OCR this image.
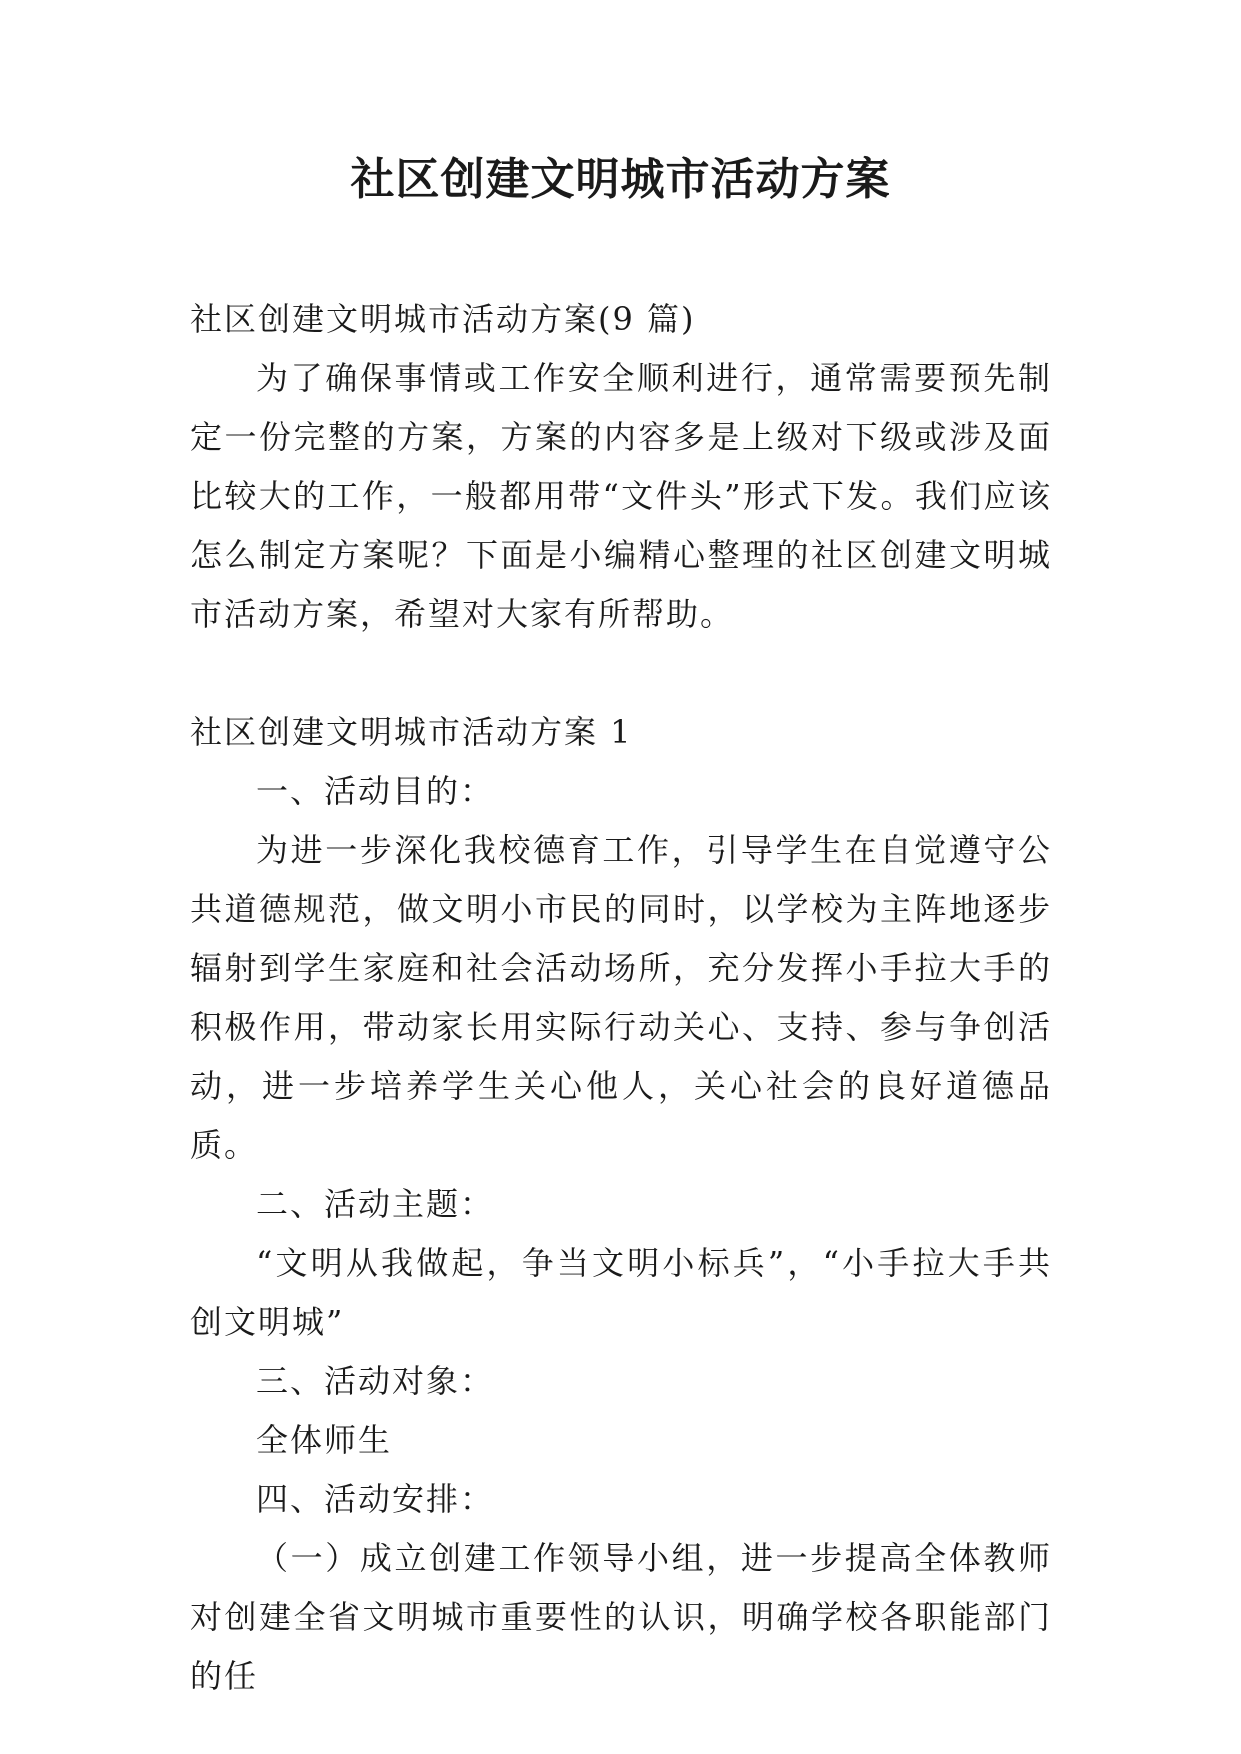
社区创建文明城市活动方案

社区创建文明城市活动方案(9 篇)

为了确保事情或工作安全顺利进行，通常需要预先制定一份完整的方案，方案的内容多是上级对下级或涉及面比较大的工作，一般都用带“文件头”形式下发。我们应该怎么制定方案呢？下面是小编精心整理的社区创建文明城市活动方案，希望对大家有所帮助。

社区创建文明城市活动方案 1

一、活动目的：

为进一步深化我校德育工作，引导学生在自觉遵守公共道德规范，做文明小市民的同时，以学校为主阵地逐步辐射到学生家庭和社会活动场所，充分发挥小手拉大手的积极作用，带动家长用实际行动关心、支持、参与争创活动，进一步培养学生关心他人，关心社会的良好道德品质。

二、活动主题：

“文明从我做起，争当文明小标兵”，“小手拉大手共创文明城”

三、活动对象：

全体师生

四、活动安排：

（一）成立创建工作领导小组，进一步提高全体教师对创建全省文明城市重要性的认识，明确学校各职能部门的任
